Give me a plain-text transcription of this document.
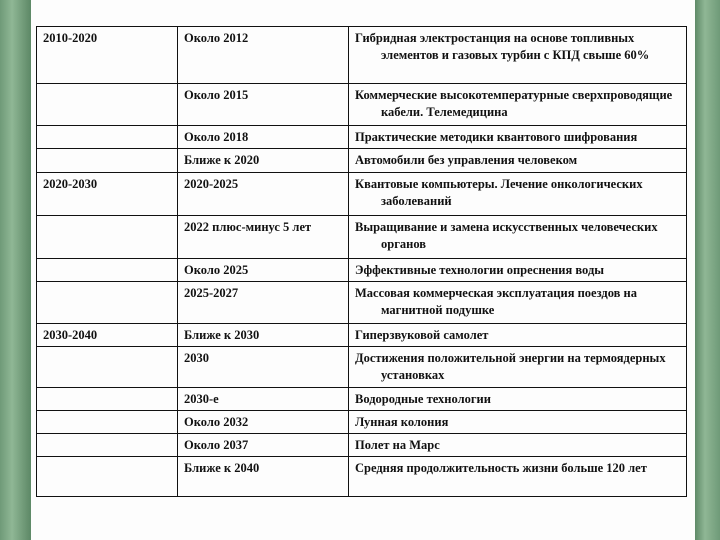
2010-2020	Около 2012	Гибридная электростанция на основе топливных элементов и газовых турбин с КПД свыше 60%

	Около 2015	Коммерческие высокотемпературные сверхпроводящие кабели. Телемедицина

	Около 2018	Практические методики квантового шифрования

	Ближе к 2020	Автомобили без управления человеком

2020-2030	2020-2025	Квантовые компьютеры. Лечение онкологических заболеваний

	2022 плюс-минус 5 лет	Выращивание и замена искусственных человеческих органов

	Около 2025	Эффективные технологии опреснения воды

	2025-2027	Массовая коммерческая эксплуатация поездов на магнитной подушке

2030-2040	Ближе к 2030	Гиперзвуковой самолет

	2030	Достижения положительной энергии на термоядерных установках

	2030-е	Водородные технологии

	Около 2032	Лунная колония

	Около 2037	Полет на Марс

	Ближе к 2040	Средняя продолжительность жизни больше 120 лет
